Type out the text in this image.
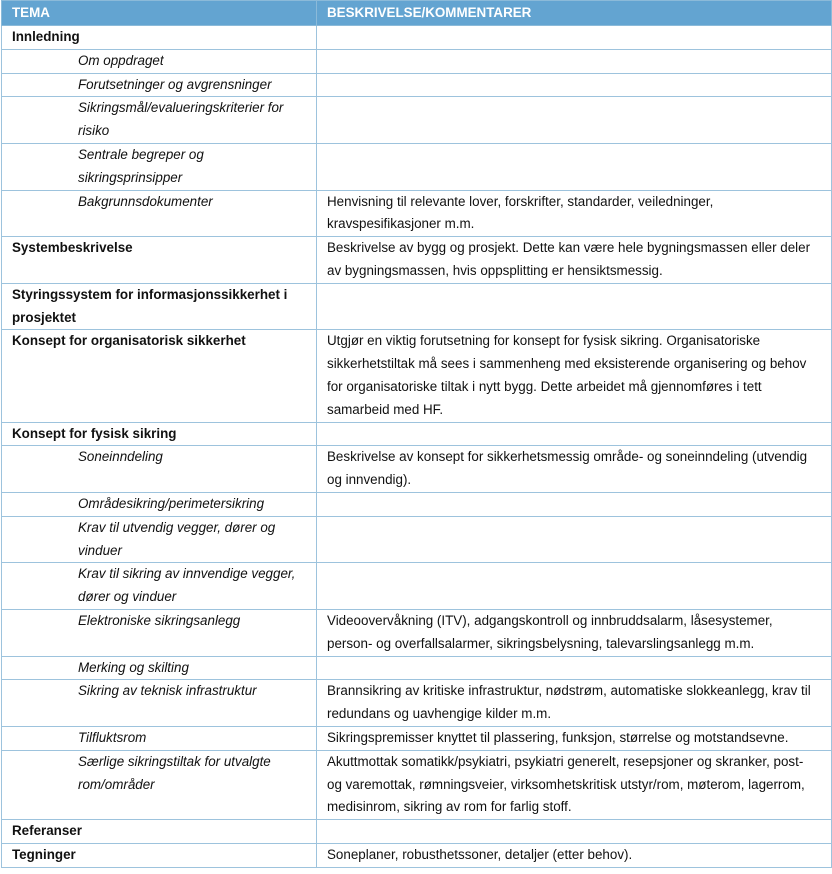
TEMA	BESKRIVELSE/KOMMENTARER
Innledning	
Om oppdraget	
Forutsetninger og avgrensninger	
Sikringsmål/evalueringskriterier for risiko	
Sentrale begreper og sikringsprinsipper	
Bakgrunnsdokumenter	Henvisning til relevante lover, forskrifter, standarder, veiledninger, kravspesifikasjoner m.m.
Systembeskrivelse	Beskrivelse av bygg og prosjekt. Dette kan være hele bygningsmassen eller deler av bygningsmassen, hvis oppsplitting er hensiktsmessig.
Styringssystem for informasjonssikkerhet i prosjektet	
Konsept for organisatorisk sikkerhet	Utgjør en viktig forutsetning for konsept for fysisk sikring. Organisatoriske sikkerhetstiltak må sees i sammenheng med eksisterende organisering og behov for organisatoriske tiltak i nytt bygg. Dette arbeidet må gjennomføres i tett samarbeid med HF.
Konsept for fysisk sikring	
Soneinndeling	Beskrivelse av konsept for sikkerhetsmessig område- og soneinndeling (utvendig og innvendig).
Områdesikring/perimetersikring	
Krav til utvendig vegger, dører og vinduer	
Krav til sikring av innvendige vegger, dører og vinduer	
Elektroniske sikringsanlegg	Videoovervåkning (ITV), adgangskontroll og innbruddsalarm, låsesystemer, person- og overfallsalarmer, sikringsbelysning, talevarslingsanlegg m.m.
Merking og skilting	
Sikring av teknisk infrastruktur	Brannsikring av kritiske infrastruktur, nødstrøm, automatiske slokkeanlegg, krav til redundans og uavhengige kilder m.m.
Tilfluktsrom	Sikringspremisser knyttet til plassering, funksjon, størrelse og motstandsevne.
Særlige sikringstiltak for utvalgte rom/områder	Akuttmottak somatikk/psykiatri, psykiatri generelt, resepsjoner og skranker, post- og varemottak, rømningsveier, virksomhetskritisk utstyr/rom, møterom, lagerrom, medisinrom, sikring av rom for farlig stoff.
Referanser	
Tegninger	Soneplaner, robusthetssoner, detaljer (etter behov).
